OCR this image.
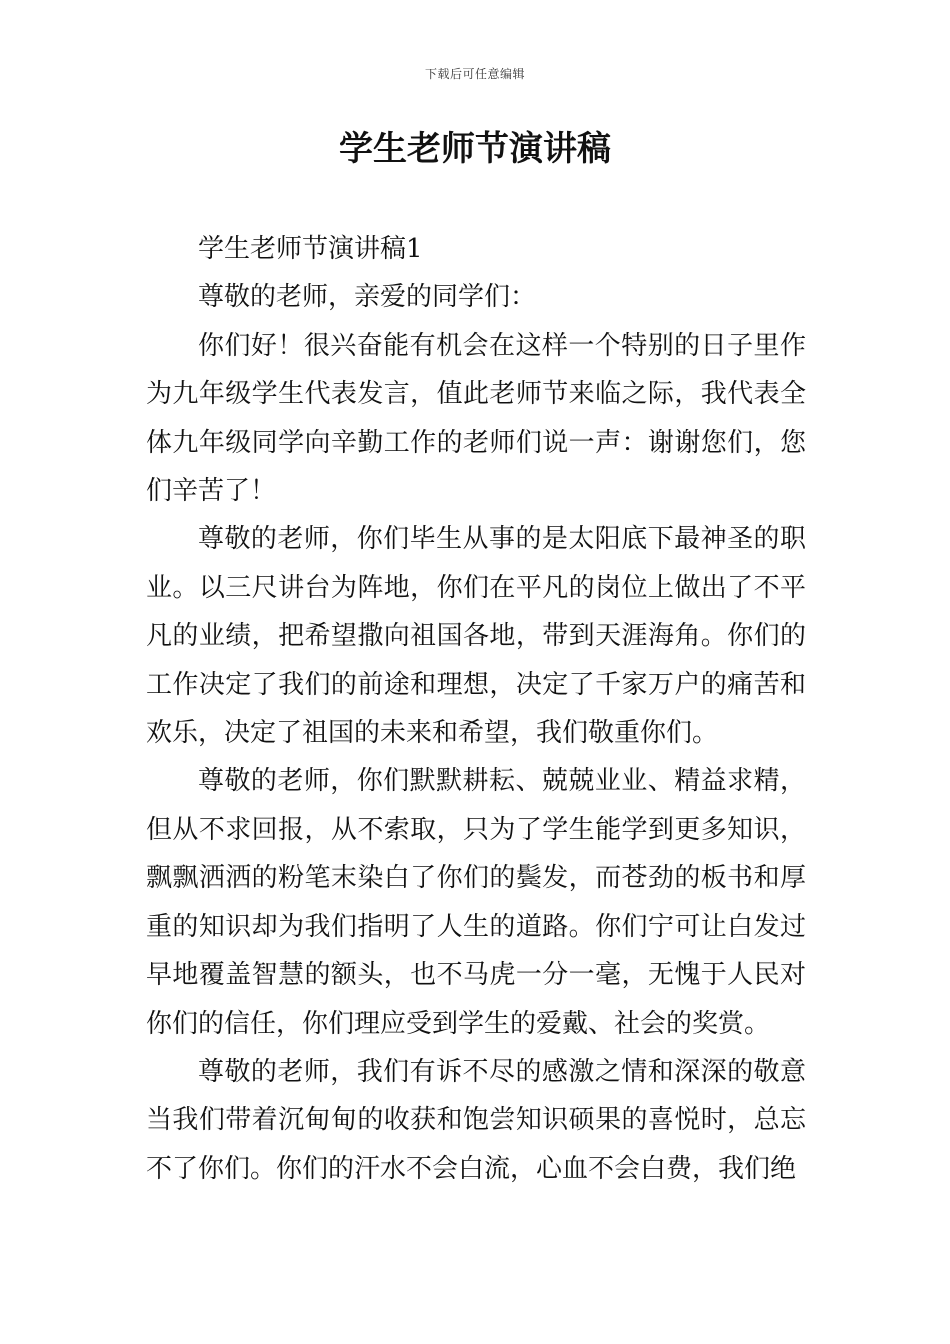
下载后可任意编辑
学生老师节演讲稿

学生老师节演讲稿1

尊敬的老师，亲爱的同学们：

你们好！很兴奋能有机会在这样一个特别的日子里作为九年级学生代表发言，值此老师节来临之际，我代表全体九年级同学向辛勤工作的老师们说一声：谢谢您们，您们辛苦了！

尊敬的老师，你们毕生从事的是太阳底下最神圣的职业。以三尺讲台为阵地，你们在平凡的岗位上做出了不平凡的业绩，把希望撒向祖国各地，带到天涯海角。你们的工作决定了我们的前途和理想，决定了千家万户的痛苦和欢乐，决定了祖国的未来和希望，我们敬重你们。

尊敬的老师，你们默默耕耘、兢兢业业、精益求精，但从不求回报，从不索取，只为了学生能学到更多知识，飘飘洒洒的粉笔末染白了你们的鬓发，而苍劲的板书和厚重的知识却为我们指明了人生的道路。你们宁可让白发过早地覆盖智慧的额头，也不马虎一分一毫，无愧于人民对你们的信任，你们理应受到学生的爱戴、社会的奖赏。

尊敬的老师，我们有诉不尽的感激之情和深深的敬意当我们带着沉甸甸的收获和饱尝知识硕果的喜悦时，总忘不了你们。你们的汗水不会白流，心血不会白费，我们绝
